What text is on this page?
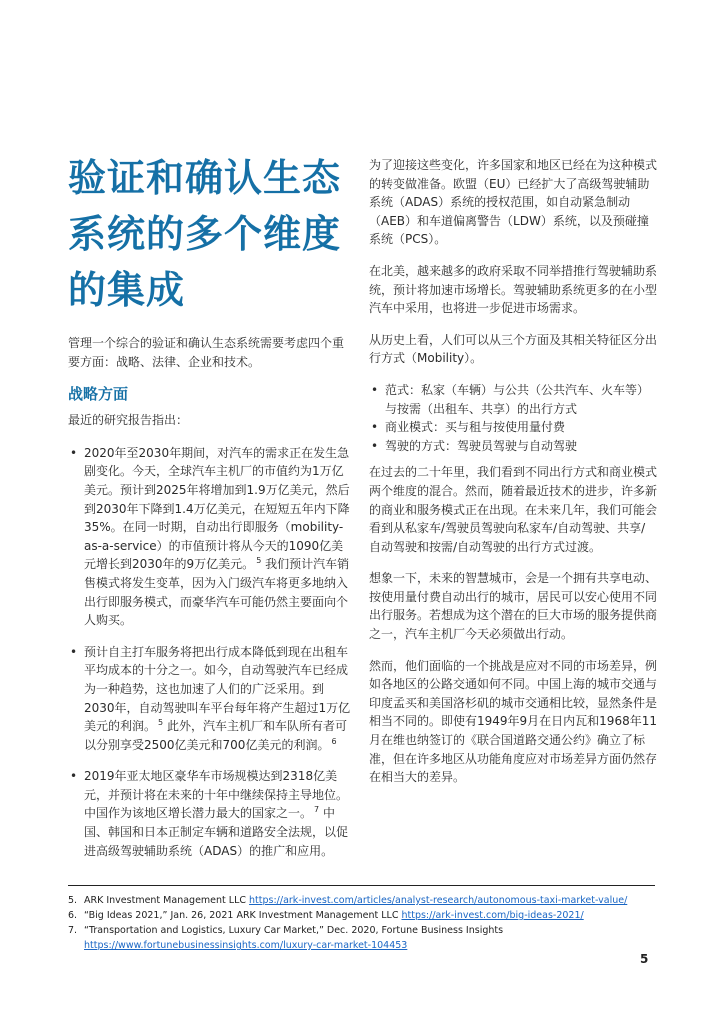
验证和确认生态
系统的多个维度
的集成

管理一个综合的验证和确认生态系统需要考虑四个重要方面：战略、法律、企业和技术。

战略方面

最近的研究报告指出：

• 2020年至2030年期间，对汽车的需求正在发生急剧变化。今天，全球汽车主机厂的市值约为1万亿美元。预计到2025年将增加到1.9万亿美元，然后到2030年下降到1.4万亿美元，在短短五年内下降35%。在同一时期，自动出行即服务（mobility-as-a-service）的市值预计将从今天的1090亿美元增长到2030年的9万亿美元。 $^5$ 我们预计汽车销售模式将发生变革，因为入门级汽车将更多地纳入出行即服务模式，而豪华汽车可能仍然主要面向个人购买。
• 预计自主打车服务将把出行成本降低到现在出租车平均成本的十分之一。如今，自动驾驶汽车已经成为一种趋势，这也加速了人们的广泛采用。到2030年，自动驾驶叫车平台每年将产生超过1万亿美元的利润。 $^5$ 此外，汽车主机厂和车队所有者可以分别享受2500亿美元和700亿美元的利润。 $^6$
• 2019年亚太地区豪华车市场规模达到2318亿美元，并预计将在未来的十年中继续保持主导地位。中国作为该地区增长潜力最大的国家之一。 $^7$ 中国、韩国和日本正制定车辆和道路安全法规，以促进高级驾驶辅助系统（ADAS）的推广和应用。

为了迎接这些变化，许多国家和地区已经在为这种模式的转变做准备。欧盟（EU）已经扩大了高级驾驶辅助系统（ADAS）系统的授权范围，如自动紧急制动（AEB）和车道偏离警告（LDW）系统，以及预碰撞系统（PCS）。

在北美，越来越多的政府采取不同举措推行驾驶辅助系统，预计将加速市场增长。驾驶辅助系统更多的在小型汽车中采用，也将进一步促进市场需求。

从历史上看，人们可以从三个方面及其相关特征区分出行方式（Mobility）。

• 范式：私家（车辆）与公共（公共汽车、火车等）与按需（出租车、共享）的出行方式
• 商业模式：买与租与按使用量付费
• 驾驶的方式：驾驶员驾驶与自动驾驶

在过去的二十年里，我们看到不同出行方式和商业模式两个维度的混合。然而，随着最近技术的进步，许多新的商业和服务模式正在出现。在未来几年，我们可能会看到从私家车/驾驶员驾驶向私家车/自动驾驶、共享/自动驾驶和按需/自动驾驶的出行方式过渡。

想象一下，未来的智慧城市，会是一个拥有共享电动、按使用量付费自动出行的城市，居民可以安心使用不同出行服务。若想成为这个潜在的巨大市场的服务提供商之一，汽车主机厂今天必须做出行动。

然而，他们面临的一个挑战是应对不同的市场差异，例如各地区的公路交通如何不同。中国上海的城市交通与印度孟买和美国洛杉矶的城市交通相比较，显然条件是相当不同的。即使有1949年9月在日内瓦和1968年11月在维也纳签订的《联合国道路交通公约》确立了标准，但在许多地区从功能角度应对市场差异方面仍然存在相当大的差异。

5. ARK Investment Management LLC https://ark-invest.com/articles/analyst-research/autonomous-taxi-market-value/
6. “Big Ideas 2021,” Jan. 26, 2021 ARK Investment Management LLC https://ark-invest.com/big-ideas-2021/
7. “Transportation and Logistics, Luxury Car Market,” Dec. 2020, Fortune Business Insights
https://www.fortunebusinessinsights.com/luxury-car-market-104453
5
